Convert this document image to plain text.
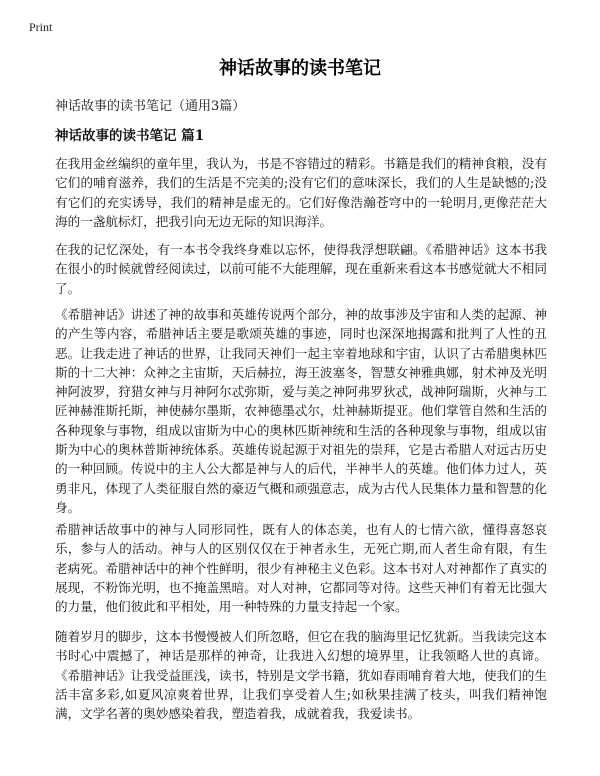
Print
神话故事的读书笔记
神话故事的读书笔记（通用3篇）
神话故事的读书笔记 篇1
在我用金丝编织的童年里，我认为，书是不容错过的精彩。书籍是我们的精神食粮，没有它们的哺育滋养，我们的生活是不完美的;没有它们的意味深长，我们的人生是缺憾的;没有它们的充实诱导，我们的精神是虚无的。它们好像浩瀚苍穹中的一轮明月,更像茫茫大海的一盏航标灯，把我引向无边无际的知识海洋。
在我的记忆深处，有一本书令我终身难以忘怀，使得我浮想联翩。《希腊神话》这本书我在很小的时候就曾经阅读过，以前可能不大能理解，现在重新来看这本书感觉就大不相同了。
《希腊神话》讲述了神的故事和英雄传说两个部分，神的故事涉及宇宙和人类的起源、神的产生等内容，希腊神话主要是歌颂英雄的事迹，同时也深深地揭露和批判了人性的丑恶。让我走进了神话的世界，让我同天神们一起主宰着地球和宇宙，认识了古希腊奥林匹斯的十二大神：众神之主宙斯，天后赫拉，海王波塞冬，智慧女神雅典娜，射术神及光明神阿波罗，狩猎女神与月神阿尔忒弥斯，爱与美之神阿弗罗狄忒，战神阿瑞斯，火神与工匠神赫淮斯托斯，神使赫尔墨斯，农神德墨忒尔，灶神赫斯提亚。他们掌管自然和生活的各种现象与事物，组成以宙斯为中心的奥林匹斯神统和生活的各种现象与事物，组成以宙斯为中心的奥林普斯神统体系。英雄传说起源于对祖先的崇拜，它是古希腊人对远古历史的一种回顾。传说中的主人公大都是神与人的后代，半神半人的英雄。他们体力过人，英勇非凡，体现了人类征服自然的豪迈气概和顽强意志，成为古代人民集体力量和智慧的化身。
希腊神话故事中的神与人同形同性，既有人的体态美，也有人的七情六欲，懂得喜怒哀乐，参与人的活动。神与人的区别仅仅在于神者永生，无死亡期,而人者生命有限，有生老病死。希腊神话中的神个性鲜明，很少有神秘主义色彩。这本书对人对神都作了真实的展现，不粉饰光明，也不掩盖黑暗。对人对神，它都同等对待。这些天神们有着无比强大的力量，他们彼此和平相处，用一种特殊的力量支持起一个家。
随着岁月的脚步，这本书慢慢被人们所忽略，但它在我的脑海里记忆犹新。当我读完这本书时心中震撼了，神话是那样的神奇，让我进入幻想的境界里，让我领略人世的真谛。《希腊神话》让我受益匪浅，读书，特别是文学书籍，犹如春雨哺育着大地，使我们的生活丰富多彩,如夏风凉爽着世界，让我们享受着人生;如秋果挂满了枝头，叫我们精神饱满，文学名著的奥妙感染着我，塑造着我，成就着我，我爱读书。
